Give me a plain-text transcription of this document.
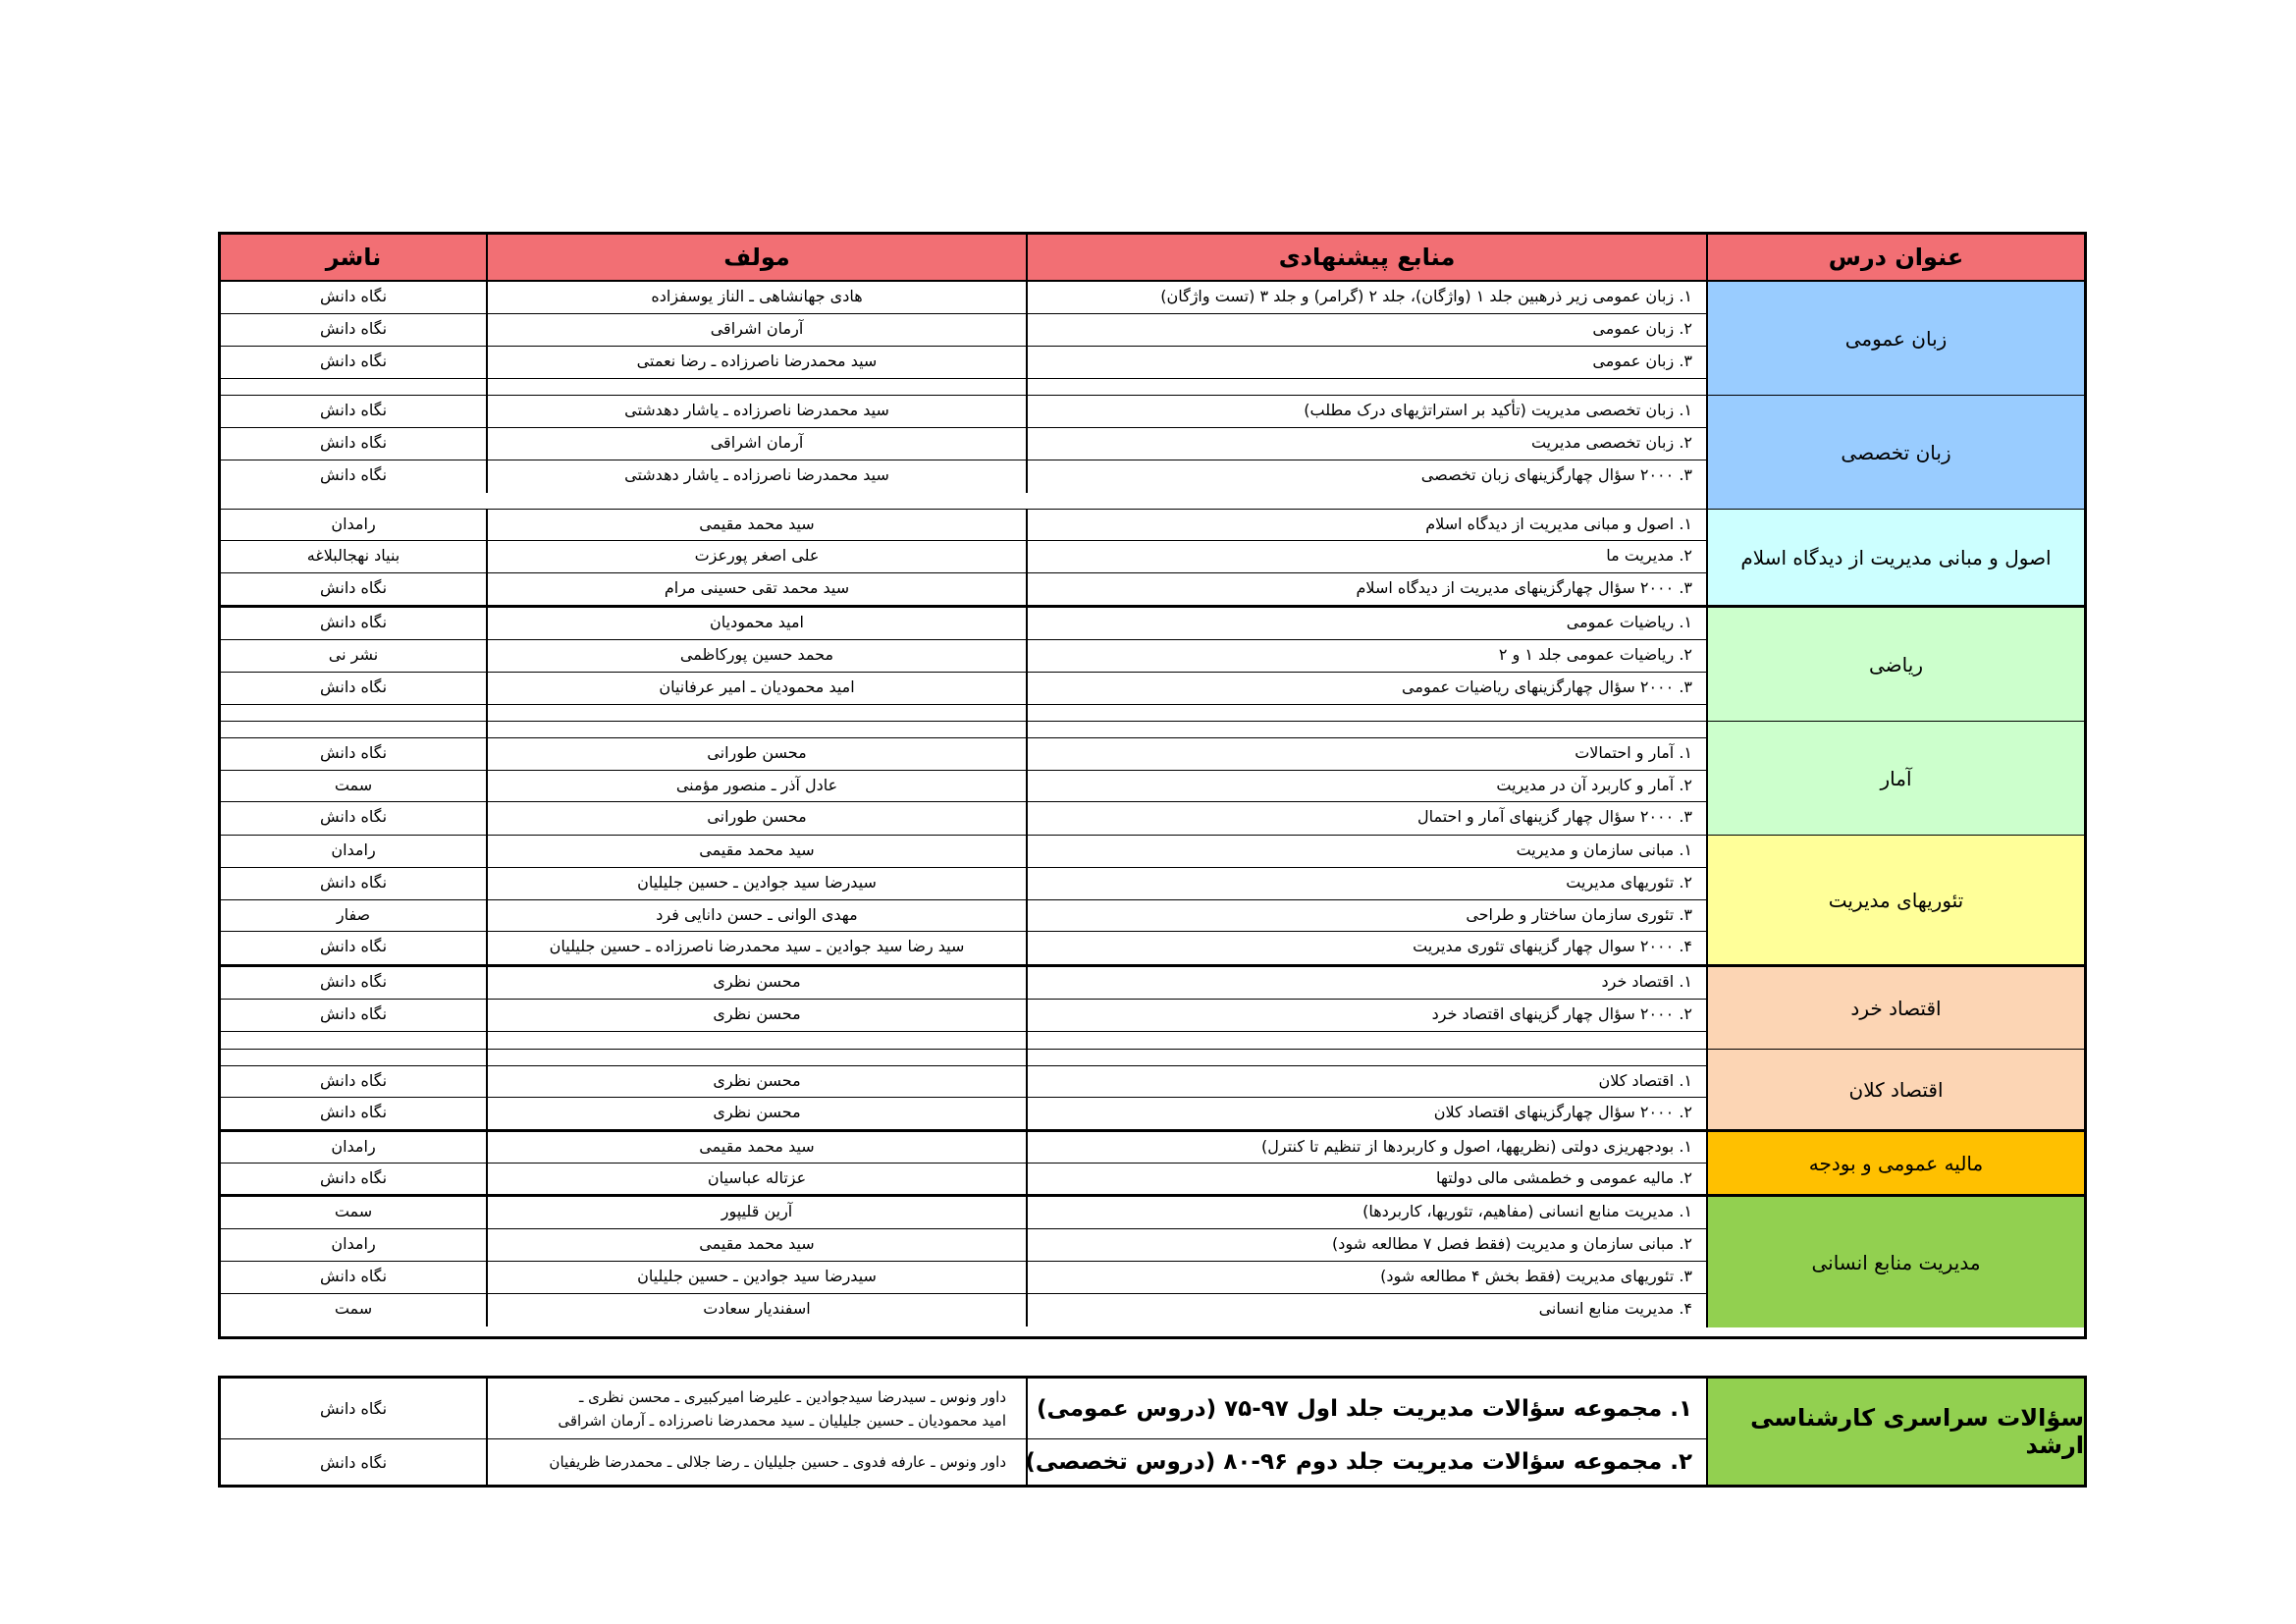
عنوان درس
منابع پیشنهادی
مولف
ناشر
زبان عمومی
۱. زبان عمومی زیر ذرهبین جلد ۱ (واژگان)، جلد ۲ (گرامر) و جلد ۳ (تست واژگان)
هادی جهانشاهی ـ الناز یوسفزاده
نگاه دانش
۲. زبان عمومی
آرمان اشراقی
نگاه دانش
۳. زبان عمومی
سید محمدرضا ناصرزاده ـ رضا نعمتی
نگاه دانش
زبان تخصصی
۱. زبان تخصصی مدیریت (تأکید بر استراتژیهای درک مطلب)
سید محمدرضا ناصرزاده ـ یاشار دهدشتی
نگاه دانش
۲. زبان تخصصی مدیریت
آرمان اشراقی
نگاه دانش
۳. ۲۰۰۰ سؤال چهارگزینهای زبان تخصصی
سید محمدرضا ناصرزاده ـ یاشار دهدشتی
نگاه دانش
اصول و مبانی مدیریت از دیدگاه اسلام
۱. اصول و مبانی مدیریت از دیدگاه اسلام
سید محمد مقیمی
رامدان
۲. مدیریت ما
علی اصغر پورعزت
بنیاد نهجالبلاغه
۳. ۲۰۰۰ سؤال چهارگزینهای مدیریت از دیدگاه اسلام
سید محمد تقی حسینی مرام
نگاه دانش
ریاضی
۱. ریاضیات عمومی
امید محمودیان
نگاه دانش
۲. ریاضیات عمومی جلد ۱ و ۲
محمد حسین پورکاظمی
نشر نی
۳. ۲۰۰۰ سؤال چهارگزینهای ریاضیات عمومی
امید محمودیان ـ امیر عرفانیان
نگاه دانش
آمار
۱. آمار و احتمالات
محسن طورانی
نگاه دانش
۲. آمار و کاربرد آن در مدیریت
عادل آذر ـ منصور مؤمنی
سمت
۳. ۲۰۰۰ سؤال چهار گزینهای آمار و احتمال
محسن طورانی
نگاه دانش
تئوریهای مدیریت
۱. مبانی سازمان و مدیریت
سید محمد مقیمی
رامدان
۲. تئوریهای مدیریت
سیدرضا سید جوادین ـ حسین جلیلیان
نگاه دانش
۳. تئوری سازمان ساختار و طراحی
مهدی الوانی ـ حسن دانایی فرد
صفار
۴. ۲۰۰۰ سوال چهار گزینهای تئوری مدیریت
سید رضا سید جوادین ـ سید محمدرضا ناصرزاده ـ حسین جلیلیان
نگاه دانش
اقتصاد خرد
۱. اقتصاد خرد
محسن نظری
نگاه دانش
۲. ۲۰۰۰ سؤال چهار گزینهای اقتصاد خرد
محسن نظری
نگاه دانش
اقتصاد کلان
۱. اقتصاد کلان
محسن نظری
نگاه دانش
۲. ۲۰۰۰ سؤال چهارگزینهای اقتصاد کلان
محسن نظری
نگاه دانش
مالیه عمومی و بودجه
۱. بودجهریزی دولتی (نظریهها، اصول و کاربردها از تنظیم تا کنترل)
سید محمد مقیمی
رامدان
۲. مالیه عمومی و خطمشی مالی دولتها
عزتاله عباسیان
نگاه دانش
مدیریت منابع انسانی
۱. مدیریت منابع انسانی (مفاهیم، تئوریها، کاربردها)
آرین قلیپور
سمت
۲. مبانی سازمان و مدیریت (فقط فصل ۷ مطالعه شود)
سید محمد مقیمی
رامدان
۳. تئوریهای مدیریت (فقط بخش ۴ مطالعه شود)
سیدرضا سید جوادین ـ حسین جلیلیان
نگاه دانش
۴. مدیریت منابع انسانی
اسفندیار سعادت
سمت
سؤالات سراسری کارشناسی ارشد
۱. مجموعه سؤالات مدیریت جلد اول ۹۷-۷۵ (دروس عمومی)
داور ونوس ـ سیدرضا سیدجوادین ـ علیرضا امیرکبیری ـ محسن نظری ـ
امید محمودیان ـ حسین جلیلیان ـ سید محمدرضا ناصرزاده ـ آرمان اشراقی
نگاه دانش
۲. مجموعه سؤالات مدیریت جلد دوم ۹۶-۸۰ (دروس تخصصی)
داور ونوس ـ عارفه فدوی ـ حسین جلیلیان ـ رضا جلالی ـ محمدرضا ظریفیان
نگاه دانش
